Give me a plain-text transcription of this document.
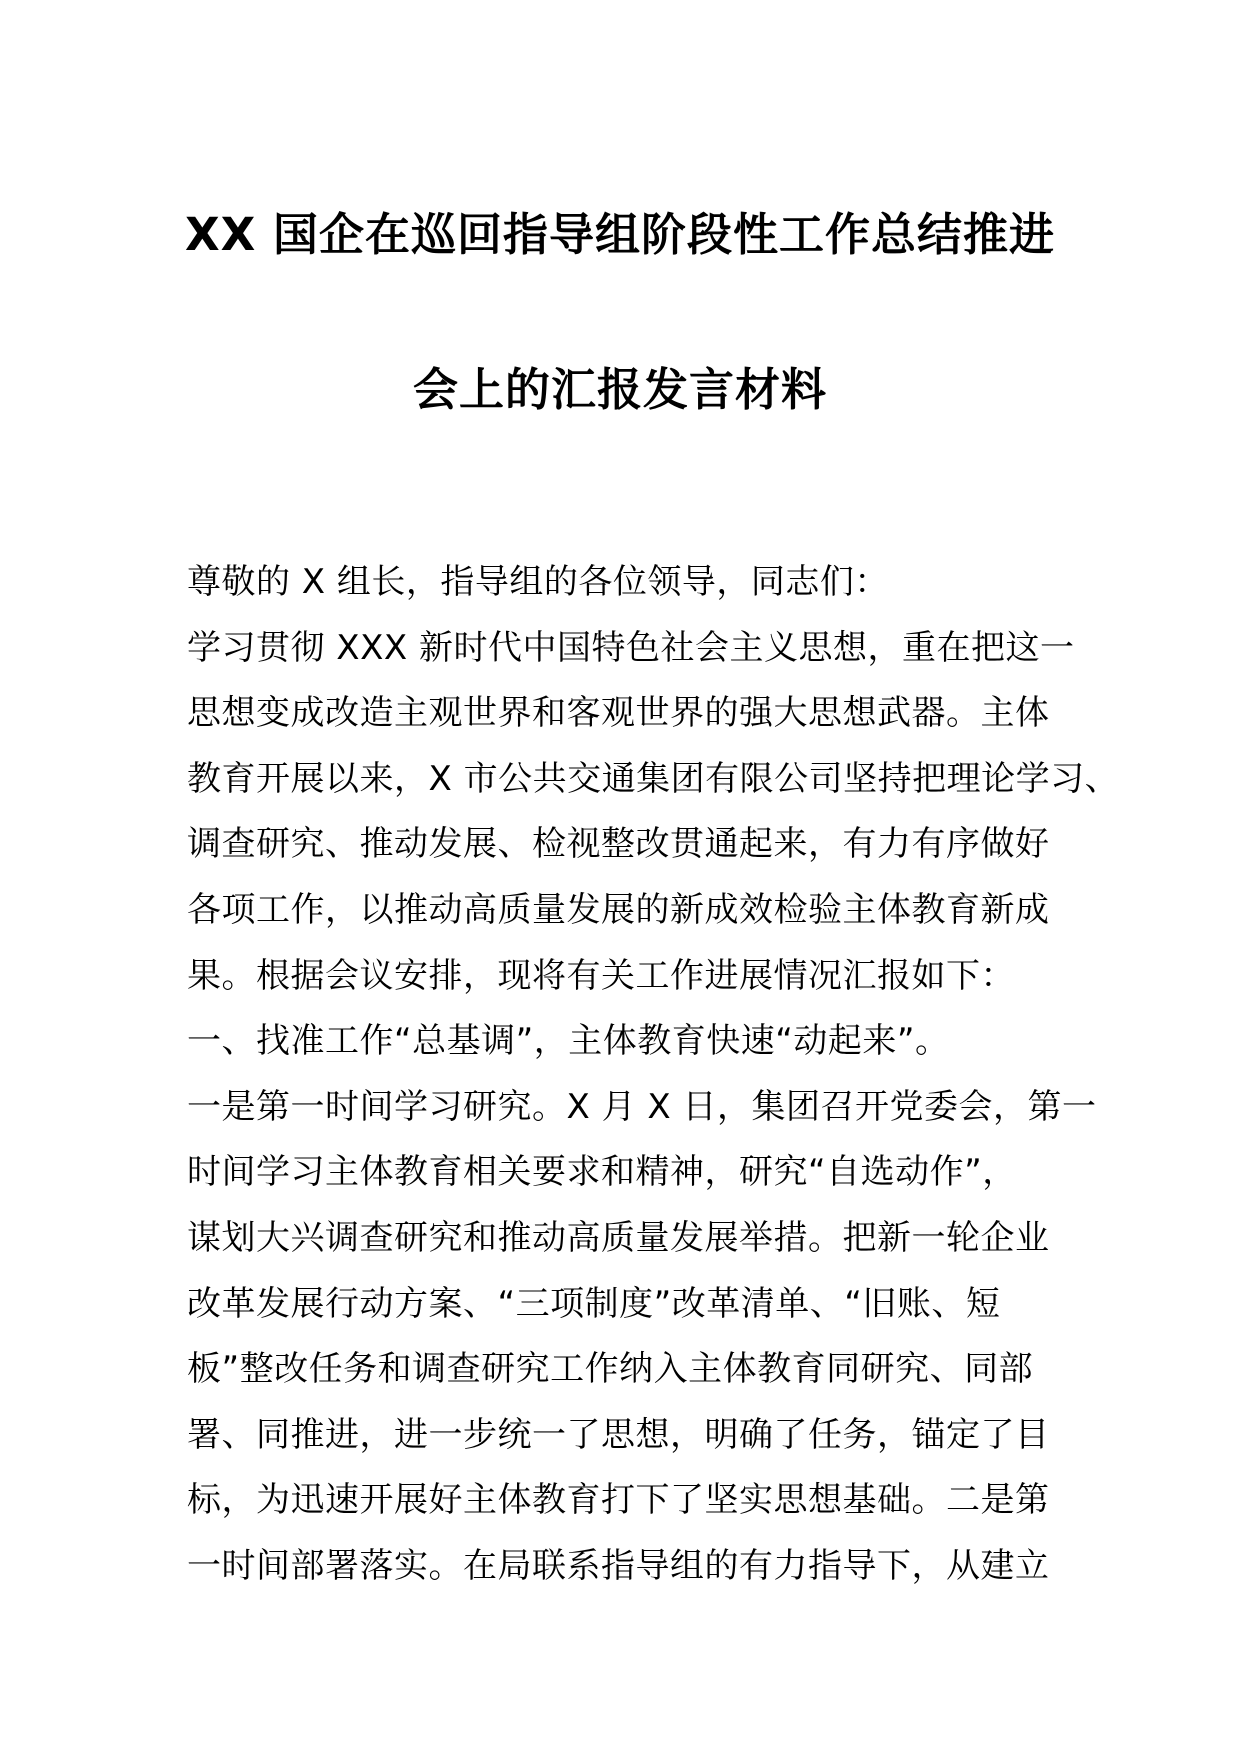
XX 国企在巡回指导组阶段性工作总结推进
会上的汇报发言材料
尊敬的 X 组长，指导组的各位领导，同志们：
学习贯彻 XXX 新时代中国特色社会主义思想，重在把这一
思想变成改造主观世界和客观世界的强大思想武器。主体
教育开展以来，X 市公共交通集团有限公司坚持把理论学习、
调查研究、推动发展、检视整改贯通起来，有力有序做好
各项工作，以推动高质量发展的新成效检验主体教育新成
果。根据会议安排，现将有关工作进展情况汇报如下：
一、找准工作“总基调”，主体教育快速“动起来”。
一是第一时间学习研究。X 月 X 日，集团召开党委会，第一
时间学习主体教育相关要求和精神，研究“自选动作”，
谋划大兴调查研究和推动高质量发展举措。把新一轮企业
改革发展行动方案、“三项制度”改革清单、“旧账、短
板”整改任务和调查研究工作纳入主体教育同研究、同部
署、同推进，进一步统一了思想，明确了任务，锚定了目
标，为迅速开展好主体教育打下了坚实思想基础。二是第
一时间部署落实。在局联系指导组的有力指导下，从建立
